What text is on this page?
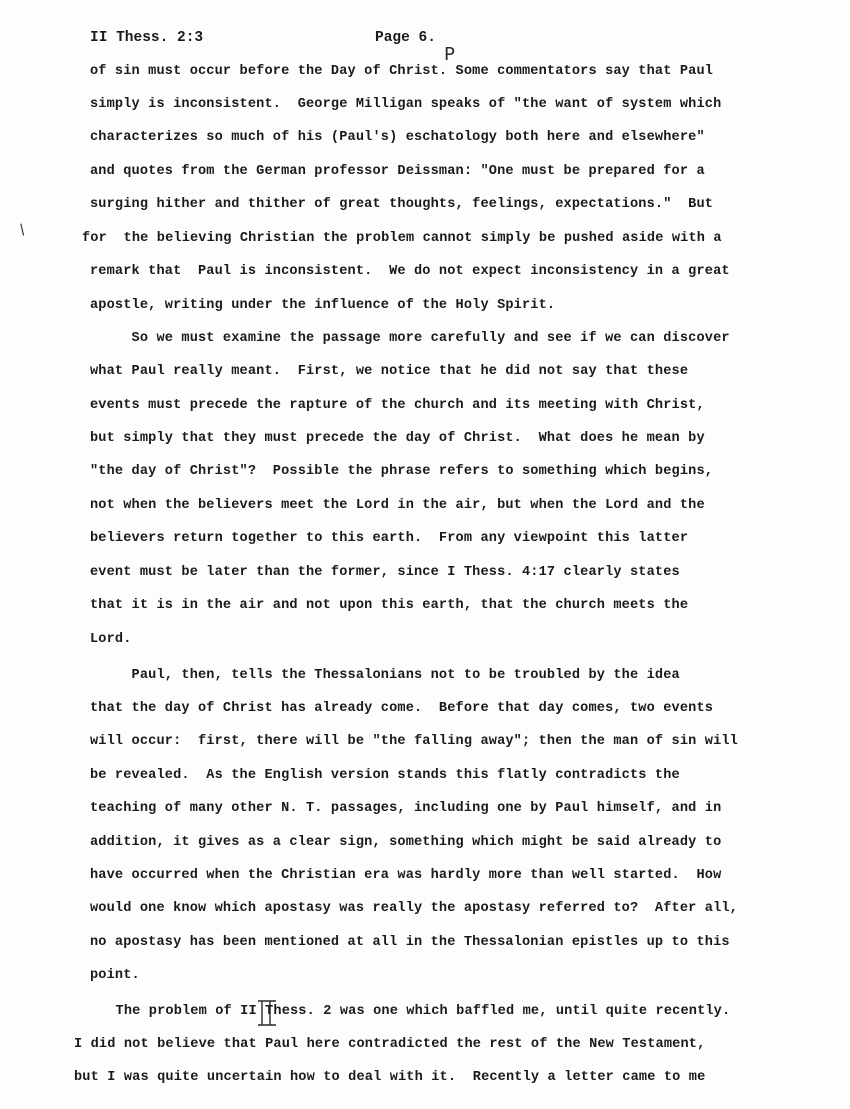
II Thess. 2:3	Page 6.
P
/
of sin must occur before the Day of Christ. Some commentators say that Paul
simply is inconsistent.  George Milligan speaks of "the want of system which
characterizes so much of his (Paul's) eschatology both here and elsewhere"
and quotes from the German professor Deissman: "One must be prepared for a
surging hither and thither of great thoughts, feelings, expectations."  But
for  the believing Christian the problem cannot simply be pushed aside with a
remark that  Paul is inconsistent.  We do not expect inconsistency in a great
apostle, writing under the influence of the Holy Spirit.
So we must examine the passage more carefully and see if we can discover
what Paul really meant.  First, we notice that he did not say that these
events must precede the rapture of the church and its meeting with Christ,
but simply that they must precede the day of Christ.  What does he mean by
"the day of Christ"?  Possible the phrase refers to something which begins,
not when the believers meet the Lord in the air, but when the Lord and the
believers return together to this earth.  From any viewpoint this latter
event must be later than the former, since I Thess. 4:17 clearly states
that it is in the air and not upon this earth, that the church meets the
Lord.
Paul, then, tells the Thessalonians not to be troubled by the idea
that the day of Christ has already come.  Before that day comes, two events
will occur:  first, there will be "the falling away"; then the man of sin will
be revealed.  As the English version stands this flatly contradicts the
teaching of many other N. T. passages, including one by Paul himself, and in
addition, it gives as a clear sign, something which might be said already to
have occurred when the Christian era was hardly more than well started.  How
would one know which apostasy was really the apostasy referred to?  After all,
no apostasy has been mentioned at all in the Thessalonian epistles up to this
point.
The problem of II Thess. 2 was one which baffled me, until quite recently.
I did not believe that Paul here contradicted the rest of the New Testament,
but I was quite uncertain how to deal with it.  Recently a letter came to me
